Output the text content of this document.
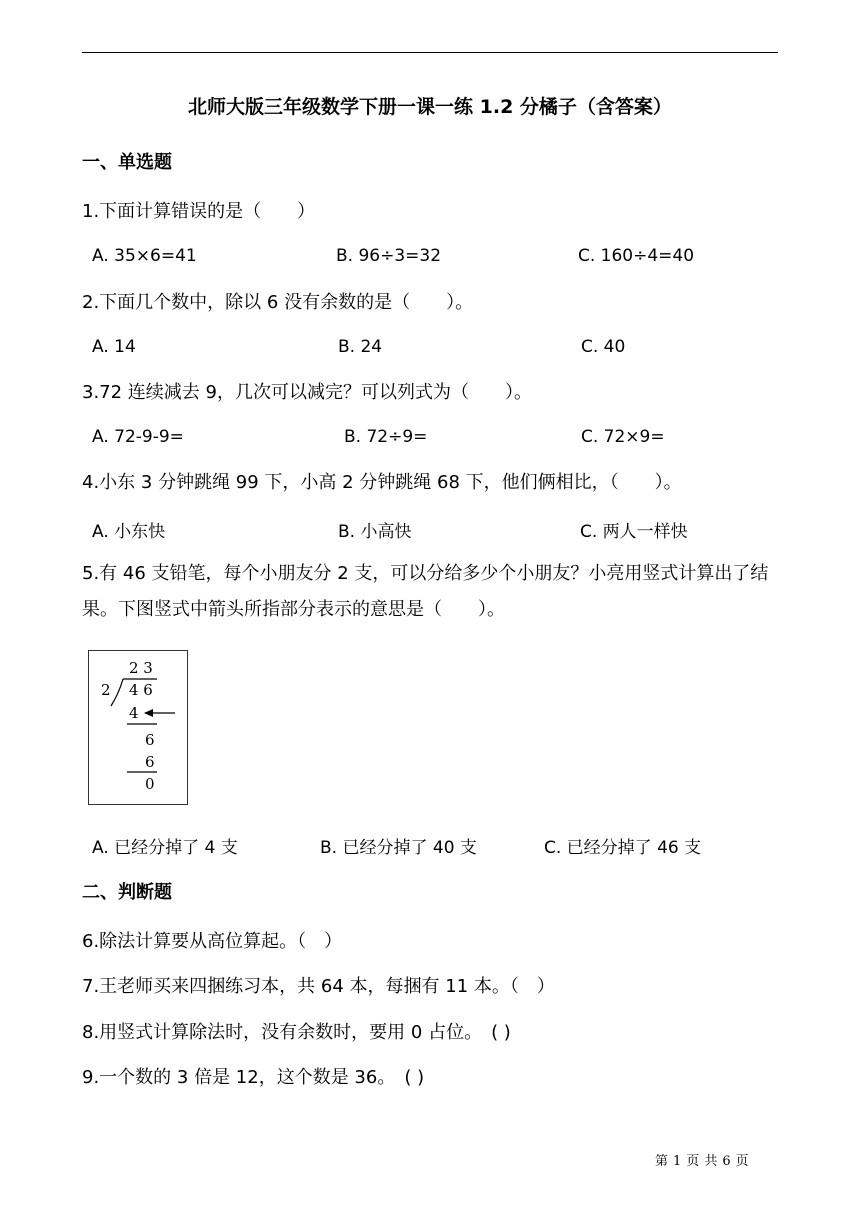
北师大版三年级数学下册一课一练 1.2 分橘子（含答案）
一、单选题
1.下面计算错误的是（　　）
A. 35×6=41	B. 96÷3=32	C. 160÷4=40
2.下面几个数中，除以 6 没有余数的是（　　）。
A. 14	B. 24	C. 40
3.72 连续减去 9，几次可以减完？可以列式为（　　）。
A. 72-9-9=	B. 72÷9=	C. 72×9=
4.小东 3 分钟跳绳 99 下，小高 2 分钟跳绳 68 下，他们俩相比，（　　）。
A. 小东快	B. 小高快	C. 两人一样快
5.有 46 支铅笔，每个小朋友分 2 支，可以分给多少个小朋友？小亮用竖式计算出了结果。下图竖式中箭头所指部分表示的意思是（　　）。
2 3
2 4 6
4
6
6
0
A. 已经分掉了 4 支	B. 已经分掉了 40 支	C. 已经分掉了 46 支
二、判断题
6.除法计算要从高位算起。（　）
7.王老师买来四捆练习本，共 64 本，每捆有 11 本。（　）
8.用竖式计算除法时，没有余数时，要用 0 占位。　( )
9.一个数的 3 倍是 12，这个数是 36。　( )
第 1 页 共 6 页
